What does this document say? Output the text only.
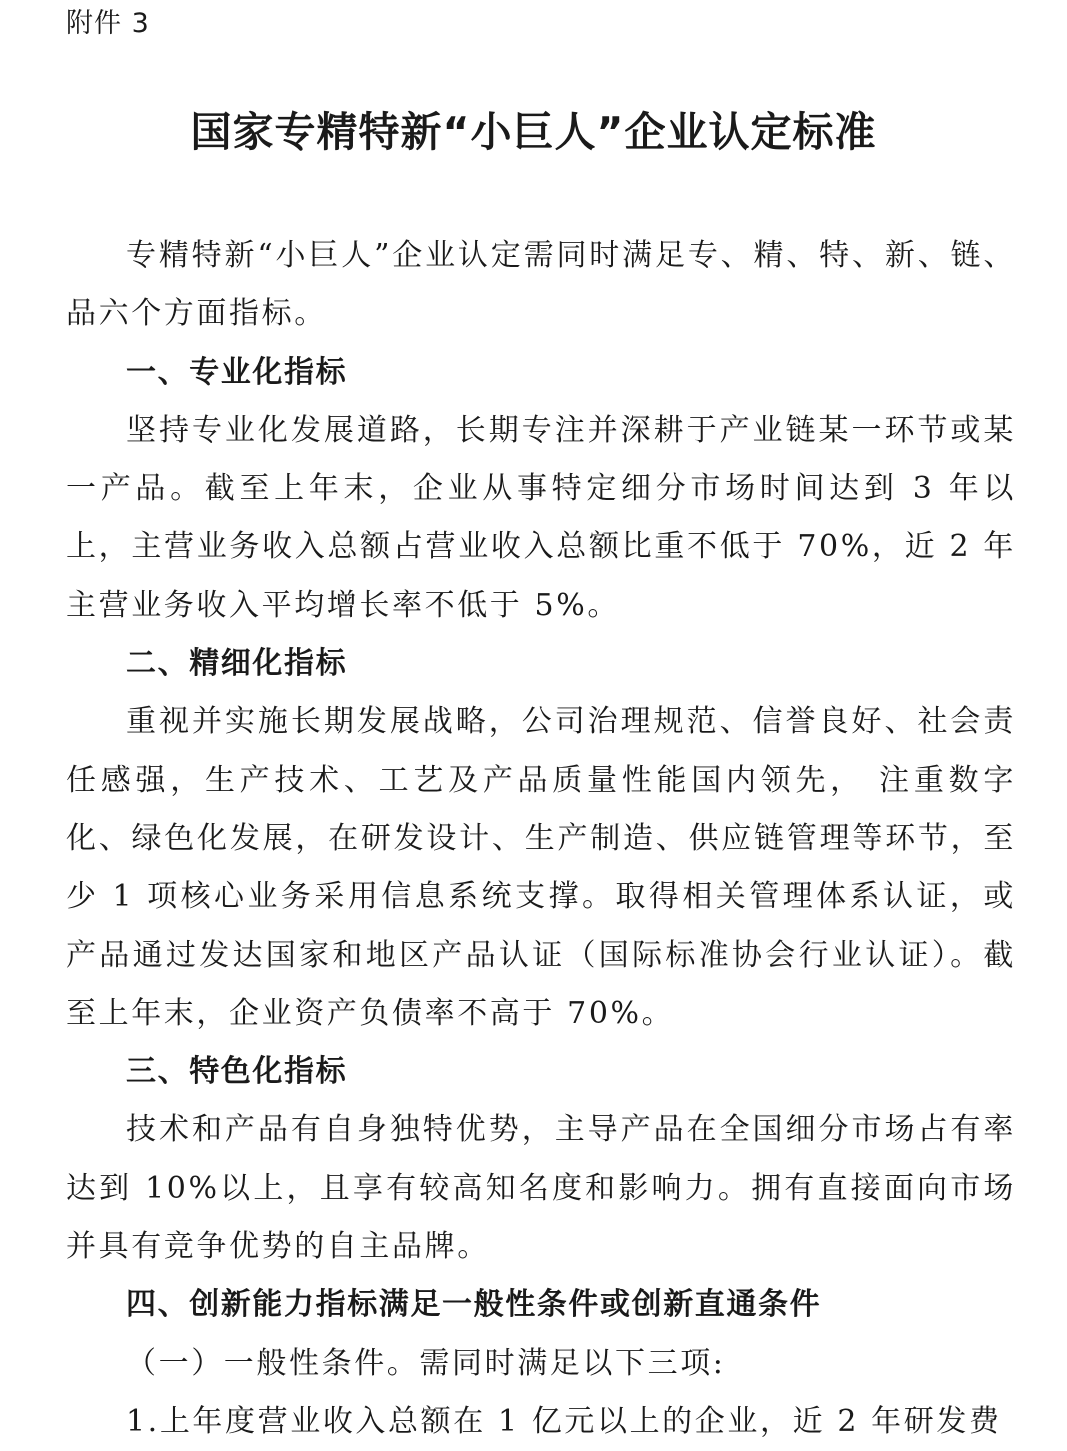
附件 3
国家专精特新“小巨人”企业认定标准

专精特新“小巨人”企业认定需同时满足专、精、特、新、链、品六个方面指标。

一、专业化指标

坚持专业化发展道路，长期专注并深耕于产业链某一环节或某一产品。截至上年末，企业从事特定细分市场时间达到 3 年以上，主营业务收入总额占营业收入总额比重不低于 70%，近 2 年主营业务收入平均增长率不低于 5%。

二、精细化指标

重视并实施长期发展战略，公司治理规范、信誉良好、社会责任感强，生产技术、工艺及产品质量性能国内领先， 注重数字化、绿色化发展，在研发设计、生产制造、供应链管理等环节，至少 1 项核心业务采用信息系统支撑。取得相关管理体系认证，或产品通过发达国家和地区产品认证（国际标准协会行业认证）。截至上年末，企业资产负债率不高于 70%。

三、特色化指标

技术和产品有自身独特优势，主导产品在全国细分市场占有率达到 10%以上，且享有较高知名度和影响力。拥有直接面向市场并具有竞争优势的自主品牌。

四、创新能力指标满足一般性条件或创新直通条件

（一）一般性条件。需同时满足以下三项:

1.上年度营业收入总额在 1 亿元以上的企业，近 2 年研发费
